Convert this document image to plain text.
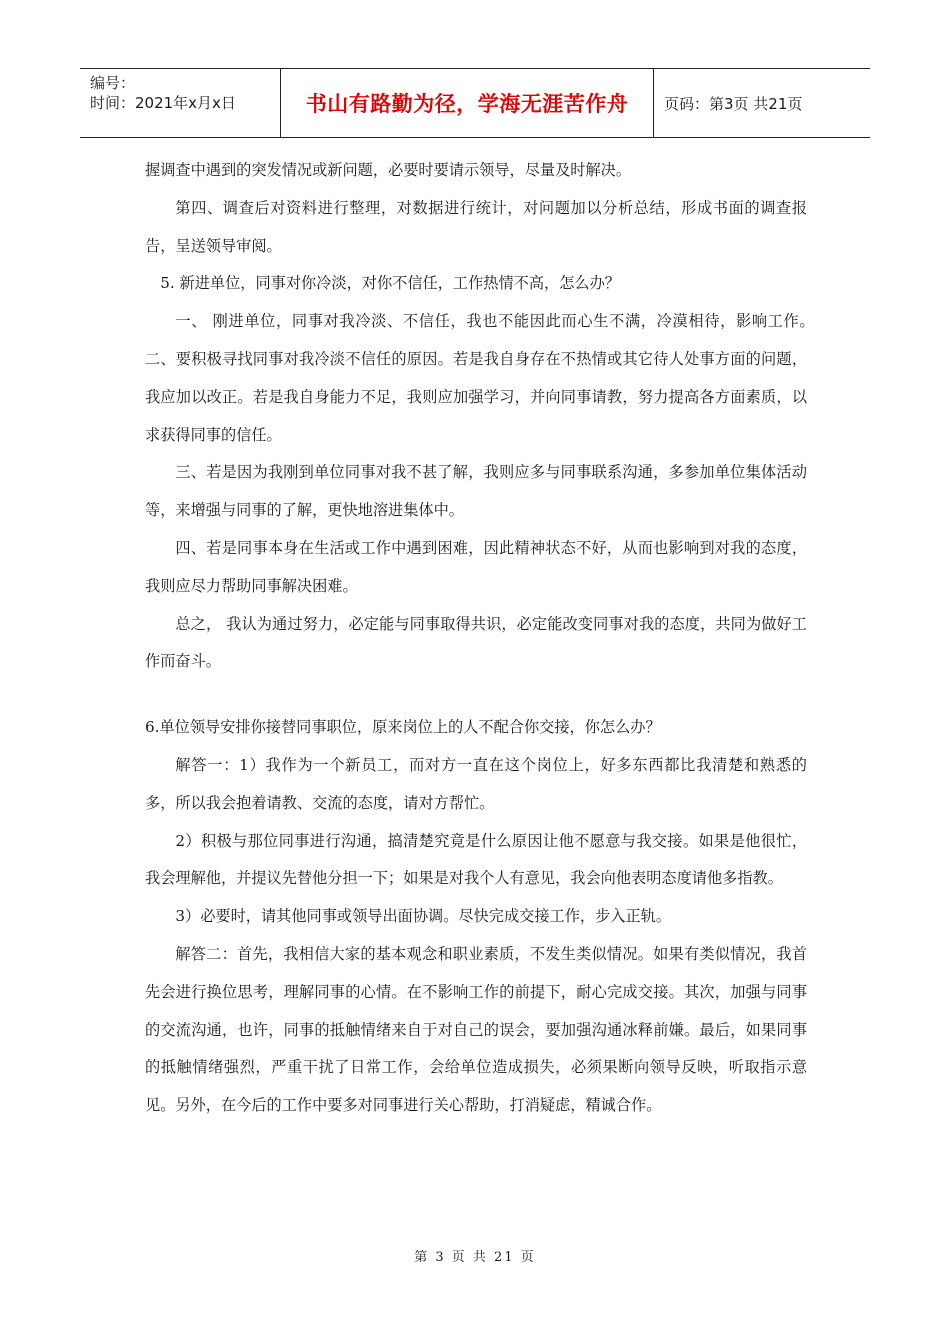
编号：
时间：2021年x月x日	书山有路勤为径，学海无涯苦作舟	页码：第3页 共21页

握调查中遇到的突发情况或新问题，必要时要请示领导，尽量及时解决。

第四、调查后对资料进行整理，对数据进行统计，对问题加以分析总结，形成书面的调查报告，呈送领导审阅。

5. 新进单位，同事对你冷淡，对你不信任，工作热情不高，怎么办？

一、 刚进单位，同事对我冷淡、不信任，我也不能因此而心生不满，冷漠相待，影响工作。　　二、要积极寻找同事对我冷淡不信任的原因。若是我自身存在不热情或其它待人处事方面的问题，我应加以改正。若是我自身能力不足，我则应加强学习，并向同事请教，努力提高各方面素质，以求获得同事的信任。

三、若是因为我刚到单位同事对我不甚了解，我则应多与同事联系沟通，多参加单位集体活动等，来增强与同事的了解，更快地溶进集体中。

四、若是同事本身在生活或工作中遇到困难，因此精神状态不好，从而也影响到对我的态度，我则应尽力帮助同事解决困难。

总之， 我认为通过努力，必定能与同事取得共识，必定能改变同事对我的态度，共同为做好工作而奋斗。

6.单位领导安排你接替同事职位，原来岗位上的人不配合你交接，你怎么办？

解答一：1）我作为一个新员工，而对方一直在这个岗位上，好多东西都比我清楚和熟悉的多，所以我会抱着请教、交流的态度，请对方帮忙。

2）积极与那位同事进行沟通，搞清楚究竟是什么原因让他不愿意与我交接。如果是他很忙，我会理解他，并提议先替他分担一下；如果是对我个人有意见，我会向他表明态度请他多指教。

3）必要时，请其他同事或领导出面协调。尽快完成交接工作，步入正轨。

解答二：首先，我相信大家的基本观念和职业素质，不发生类似情况。如果有类似情况，我首先会进行换位思考，理解同事的心情。在不影响工作的前提下，耐心完成交接。其次，加强与同事的交流沟通，也许，同事的抵触情绪来自于对自己的误会，要加强沟通冰释前嫌。最后，如果同事的抵触情绪强烈，严重干扰了日常工作，会给单位造成损失，必须果断向领导反映，听取指示意见。另外，在今后的工作中要多对同事进行关心帮助，打消疑虑，精诚合作。

第 3 页 共 21 页
